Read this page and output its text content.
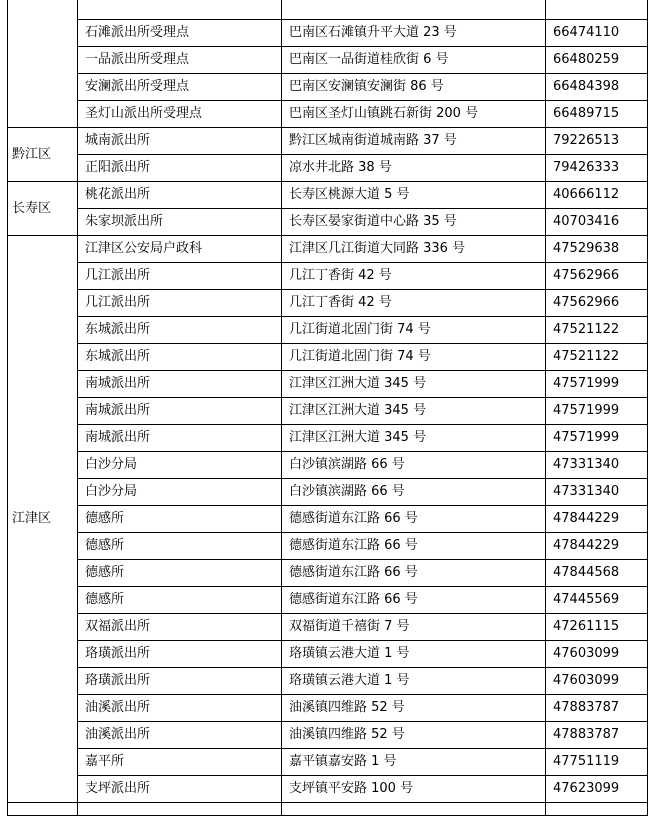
	石滩派出所受理点	巴南区石滩镇升平大道 23 号	66474110
	一品派出所受理点	巴南区一品街道桂欣街 6 号	66480259
	安澜派出所受理点	巴南区安澜镇安澜街 86 号	66484398
	圣灯山派出所受理点	巴南区圣灯山镇跳石新街 200 号	66489715
黔江区	城南派出所	黔江区城南街道城南路 37 号	79226513
	正阳派出所	凉水井北路 38 号	79426333
长寿区	桃花派出所	长寿区桃源大道 5 号	40666112
	朱家坝派出所	长寿区晏家街道中心路 35 号	40703416
江津区	江津区公安局户政科	江津区几江街道大同路 336 号	47529638
	几江派出所	几江丁香街 42 号	47562966
	几江派出所	几江丁香街 42 号	47562966
	东城派出所	几江街道北固门街 74 号	47521122
	东城派出所	几江街道北固门街 74 号	47521122
	南城派出所	江津区江洲大道 345 号	47571999
	南城派出所	江津区江洲大道 345 号	47571999
	南城派出所	江津区江洲大道 345 号	47571999
	白沙分局	白沙镇滨湖路 66 号	47331340
	白沙分局	白沙镇滨湖路 66 号	47331340
	德感所	德感街道东江路 66 号	47844229
	德感所	德感街道东江路 66 号	47844229
	德感所	德感街道东江路 66 号	47844568
	德感所	德感街道东江路 66 号	47445569
	双福派出所	双福街道千禧街 7 号	47261115
	珞璜派出所	珞璜镇云港大道 1 号	47603099
	珞璜派出所	珞璜镇云港大道 1 号	47603099
	油溪派出所	油溪镇四维路 52 号	47883787
	油溪派出所	油溪镇四维路 52 号	47883787
	嘉平所	嘉平镇嘉安路 1 号	47751119
	支坪派出所	支坪镇平安路 100 号	47623099
